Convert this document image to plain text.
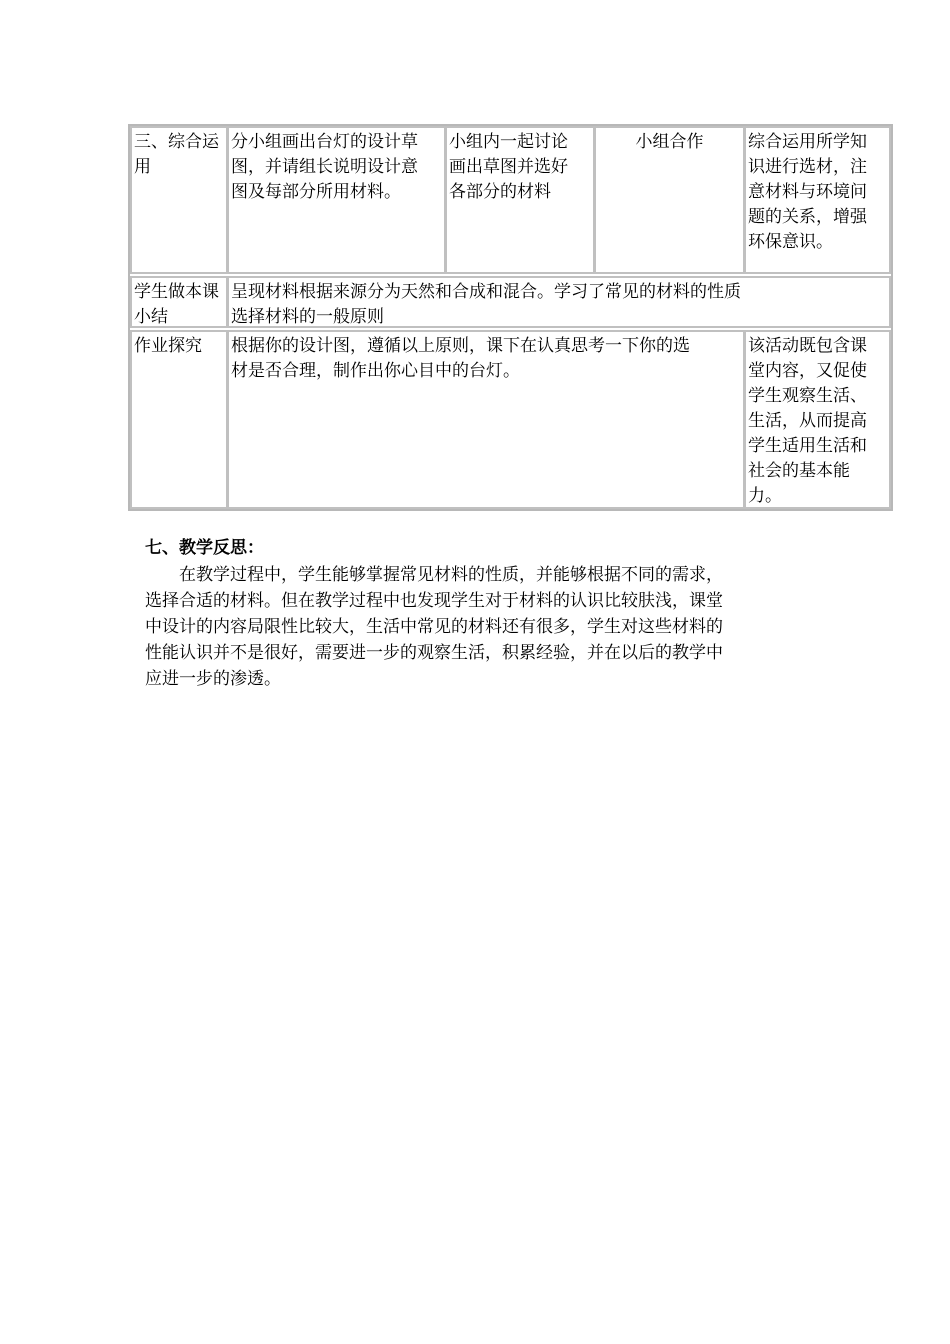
三、综合运
用
分小组画出台灯的设计草
图，并请组长说明设计意
图及每部分所用材料。
小组内一起讨论
画出草图并选好
各部分的材料
小组合作	综合运用所学知
识进行选材，注
意材料与环境问
题的关系，增强
环保意识。
学生做本课
小结
呈现材料根据来源分为天然和合成和混合。学习了常见的材料的性质
选择材料的一般原则
作业探究	根据你的设计图，遵循以上原则，课下在认真思考一下你的选
材是否合理，制作出你心目中的台灯。
该活动既包含课
堂内容，又促使
学生观察生活、
生活，从而提高
学生适用生活和
社会的基本能
力。
七、教学反思：
　　在教学过程中，学生能够掌握常见材料的性质，并能够根据不同的需求，
选择合适的材料。但在教学过程中也发现学生对于材料的认识比较肤浅，课堂
中设计的内容局限性比较大，生活中常见的材料还有很多，学生对这些材料的
性能认识并不是很好，需要进一步的观察生活，积累经验，并在以后的教学中
应进一步的渗透。
